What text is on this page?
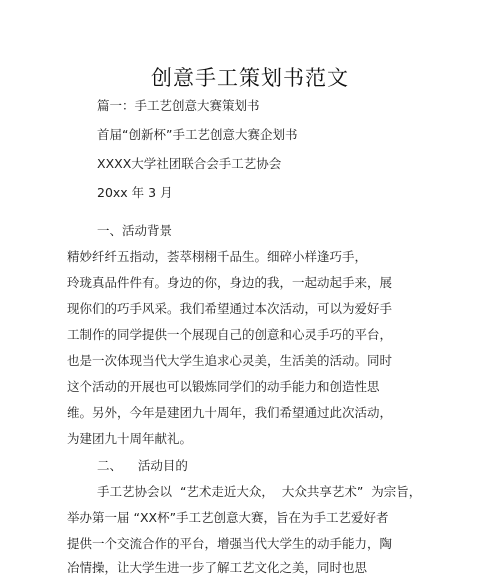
创意手工策划书范文
篇一：手工艺创意大赛策划书
首届“创新杯”手工艺创意大赛企划书
XXXX大学社团联合会手工艺协会
20xx 年 3 月
一、活动背景
精妙纤纤五指动，荟萃栩栩千品生。细碎小样逢巧手，
玲珑真品件件有。身边的你，身边的我，一起动起手来，展
现你们的巧手风采。我们希望通过本次活动，可以为爱好手
工制作的同学提供一个展现自己的创意和心灵手巧的平台，
也是一次体现当代大学生追求心灵美，生活美的活动。同时
这个活动的开展也可以锻炼同学们的动手能力和创造性思
维。另外，今年是建团九十周年，我们希望通过此次活动，
为建团九十周年献礼。
二、    活动目的
手工艺协会以  “艺术走近大众，  大众共享艺术”  为宗旨，
举办第一届 “XX杯”手工艺创意大赛，旨在为手工艺爱好者
提供一个交流合作的平台，增强当代大学生的动手能力，陶
冶情操，让大学生进一步了解工艺文化之美，同时也思
